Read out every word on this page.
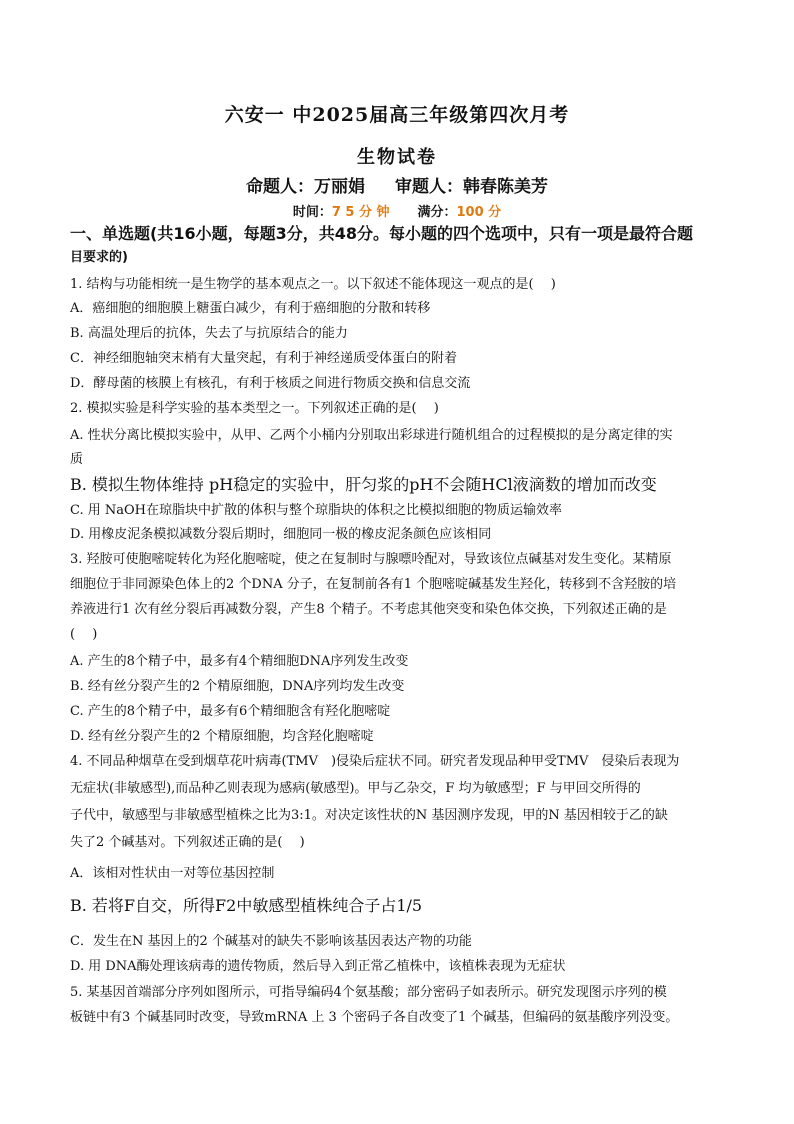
六安一 中2025届高三年级第四次月考
生物试卷
命题人：万丽娟 审题人：韩春陈美芳
时间：7 5 分 钟 满分：100 分
一、单选题(共16小题，每题3分，共48分。每小题的四个选项中，只有一项是最符合题
目要求的)
1. 结构与功能相统一是生物学的基本观点之一。以下叙述不能体现这一观点的是(　 )
A．癌细胞的细胞膜上糖蛋白减少，有利于癌细胞的分散和转移
B. 高温处理后的抗体，失去了与抗原结合的能力
C．神经细胞轴突末梢有大量突起，有利于神经递质受体蛋白的附着
D．酵母菌的核膜上有核孔，有利于核质之间进行物质交换和信息交流
2. 模拟实验是科学实验的基本类型之一。下列叙述正确的是(　 )
A. 性状分离比模拟实验中，从甲、乙两个小桶内分别取出彩球进行随机组合的过程模拟的是分离定律的实
质
B. 模拟生物体维持 pH稳定的实验中，肝匀浆的pH不会随HCl液滴数的增加而改变
C. 用 NaOH在琼脂块中扩散的体积与整个琼脂块的体积之比模拟细胞的物质运输效率
D. 用橡皮泥条模拟减数分裂后期时，细胞同一极的橡皮泥条颜色应该相同
3. 羟胺可使胞嘧啶转化为羟化胞嘧啶，使之在复制时与腺嘌呤配对，导致该位点碱基对发生变化。某精原
细胞位于非同源染色体上的2 个DNA 分子，在复制前各有1 个胞嘧啶碱基发生羟化，转移到不含羟胺的培
养液进行1 次有丝分裂后再减数分裂，产生8 个精子。不考虑其他突变和染色体交换，下列叙述正确的是
(　 )
A. 产生的8个精子中，最多有4个精细胞DNA序列发生改变
B. 经有丝分裂产生的2 个精原细胞，DNA序列均发生改变
C. 产生的8个精子中，最多有6个精细胞含有羟化胞嘧啶
D. 经有丝分裂产生的2 个精原细胞，均含羟化胞嘧啶
4. 不同品种烟草在受到烟草花叶病毒(TMV　)侵染后症状不同。研究者发现品种甲受TMV　侵染后表现为
无症状(非敏感型),而品种乙则表现为感病(敏感型)。甲与乙杂交，F 均为敏感型；F 与甲回交所得的
子代中，敏感型与非敏感型植株之比为3:1。对决定该性状的N 基因测序发现，甲的N 基因相较于乙的缺
失了2 个碱基对。下列叙述正确的是(　 )
A．该相对性状由一对等位基因控制
B. 若将F自交，所得F2中敏感型植株纯合子占1/5
C．发生在N 基因上的2 个碱基对的缺失不影响该基因表达产物的功能
D. 用 DNA酶处理该病毒的遗传物质，然后导入到正常乙植株中，该植株表现为无症状
5. 某基因首端部分序列如图所示，可指导编码4个氨基酸；部分密码子如表所示。研究发现图示序列的模
板链中有3 个碱基同时改变，导致mRNA 上 3 个密码子各自改变了1 个碱基，但编码的氨基酸序列没变。
